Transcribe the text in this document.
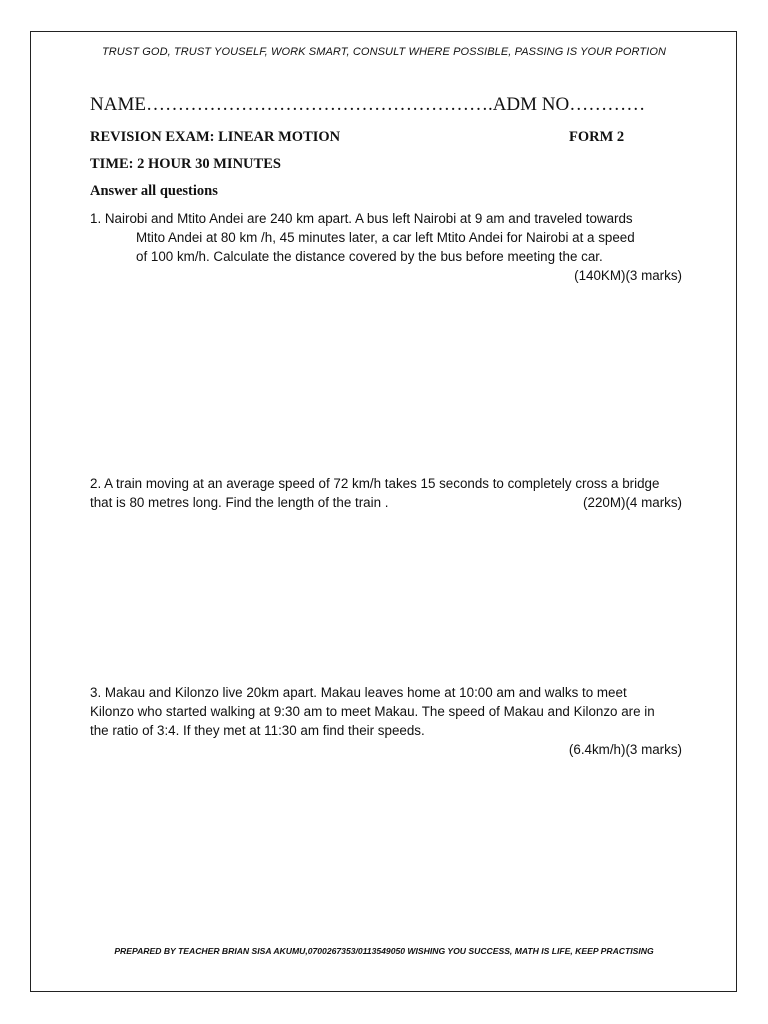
TRUST GOD, TRUST YOUSELF, WORK SMART, CONSULT WHERE POSSIBLE, PASSING IS YOUR PORTION
NAME……………………………………………….ADM NO…………
REVISION EXAM: LINEAR MOTION	FORM 2
TIME: 2 HOUR 30 MINUTES
Answer all questions
1. Nairobi and Mtito Andei are 240 km apart. A bus left Nairobi at 9 am and traveled towards
Mtito Andei at 80 km /h, 45 minutes later, a car left Mtito Andei for Nairobi at a speed
of 100 km/h. Calculate the distance covered by the bus before meeting the car.
(140KM)(3 marks)
2. A train moving at an average speed of 72 km/h takes 15 seconds to completely cross a bridge
that is 80 metres long. Find the length of the train .	(220M)(4 marks)
3. Makau and Kilonzo live 20km apart. Makau leaves home at 10:00 am and walks to meet
Kilonzo who started walking at 9:30 am to meet Makau. The speed of Makau and Kilonzo are in
the ratio of 3:4. If they met at 11:30 am find their speeds.
(6.4km/h)(3 marks)
PREPARED BY TEACHER BRIAN SISA AKUMU,0700267353/0113549050 WISHING YOU SUCCESS, MATH IS LIFE, KEEP PRACTISING
